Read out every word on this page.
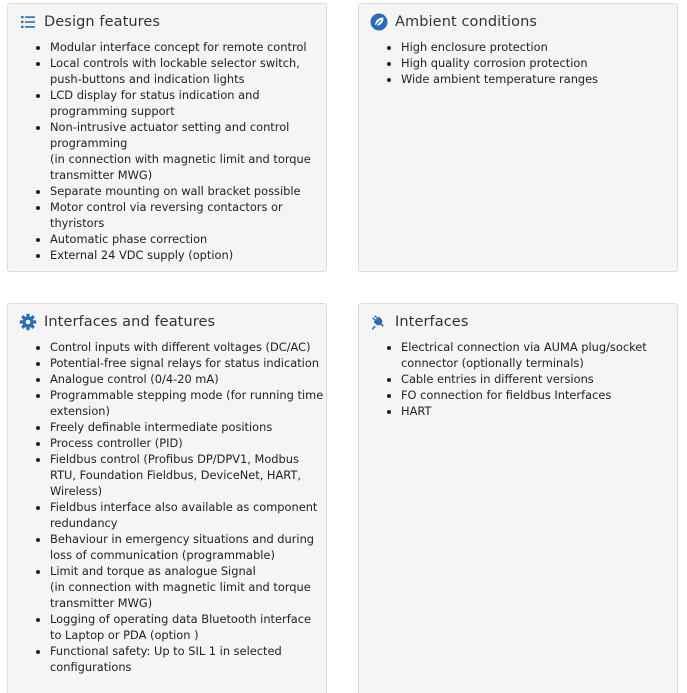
Design features
• Modular interface concept for remote control
• Local controls with lockable selector switch, push-buttons and indication lights
• LCD display for status indication and programming support
• Non-intrusive actuator setting and control programming
(in connection with magnetic limit and torque transmitter MWG)
• Separate mounting on wall bracket possible
• Motor control via reversing contactors or thyristors
• Automatic phase correction
• External 24 VDC supply (option)
Ambient conditions
• High enclosure protection
• High quality corrosion protection
• Wide ambient temperature ranges
Interfaces and features
• Control inputs with different voltages (DC/AC)
• Potential-free signal relays for status indication
• Analogue control (0/4-20 mA)
• Programmable stepping mode (for running time extension)
• Freely definable intermediate positions
• Process controller (PID)
• Fieldbus control (Profibus DP/DPV1, Modbus RTU, Foundation Fieldbus, DeviceNet, HART, Wireless)
• Fieldbus interface also available as component redundancy
• Behaviour in emergency situations and during loss of communication (programmable)
• Limit and torque as analogue Signal
(in connection with magnetic limit and torque transmitter MWG)
• Logging of operating data Bluetooth interface to Laptop or PDA (option )
• Functional safety: Up to SIL 1 in selected configurations
Interfaces
• Electrical connection via AUMA plug/socket connector (optionally terminals)
• Cable entries in different versions
• FO connection for fieldbus Interfaces
• HART
